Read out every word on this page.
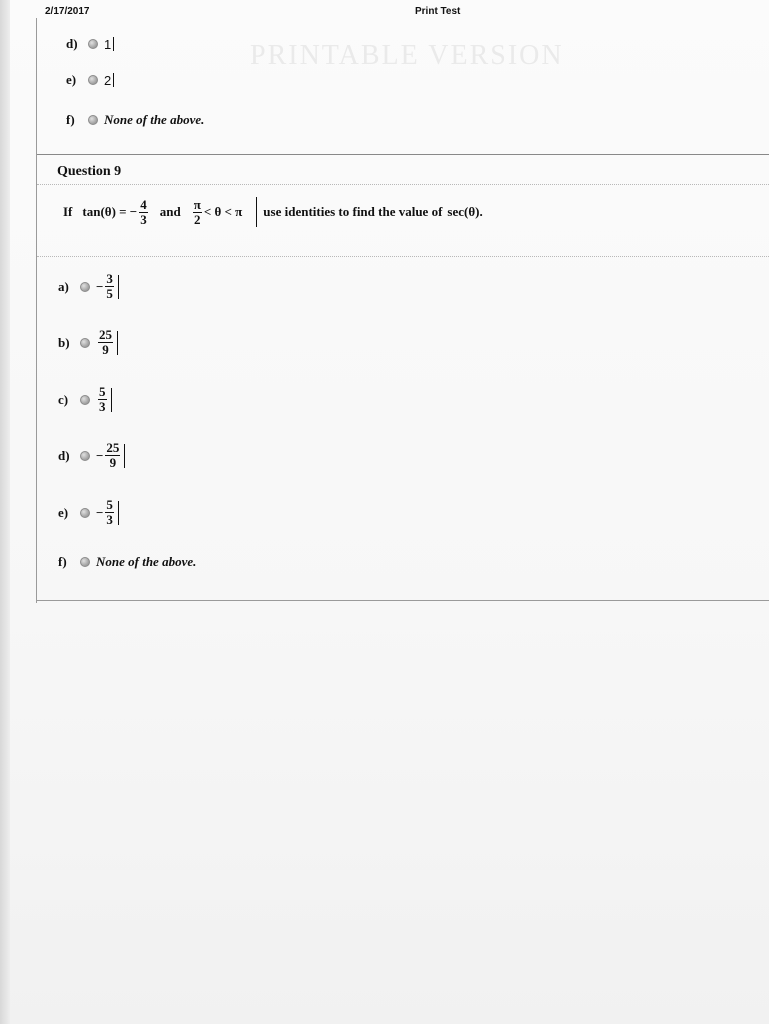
PRINTABLE VERSION
2/17/2017	Print Test
d)	1
e)	2
f)	None of the above.
Question 9
If tan(θ) = − $\frac{4}{3}$ and $\frac{\pi}{2} < \theta < \pi$ use identities to find the value of sec(θ).
a)	− $\frac{3}{5}$
b)	$\frac{25}{9}$
c)	$\frac{5}{3}$
d)	− $\frac{25}{9}$
e)	− $\frac{5}{3}$
f)	None of the above.
